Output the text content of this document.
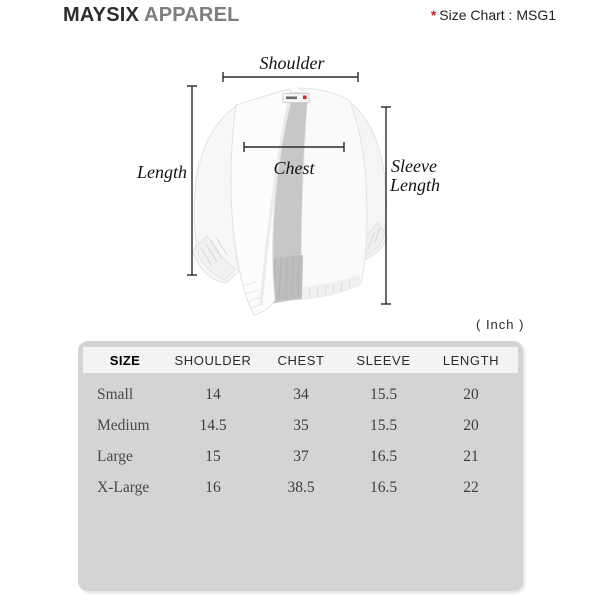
MAYSIX APPAREL	* Size Chart : MSG1
Shoulder
Length	Chest	Sleeve
Length
( Inch )
SIZE	SHOULDER	CHEST	SLEEVE	LENGTH
Small	14	34	15.5	20
Medium	14.5	35	15.5	20
Large	15	37	16.5	21
X-Large	16	38.5	16.5	22
